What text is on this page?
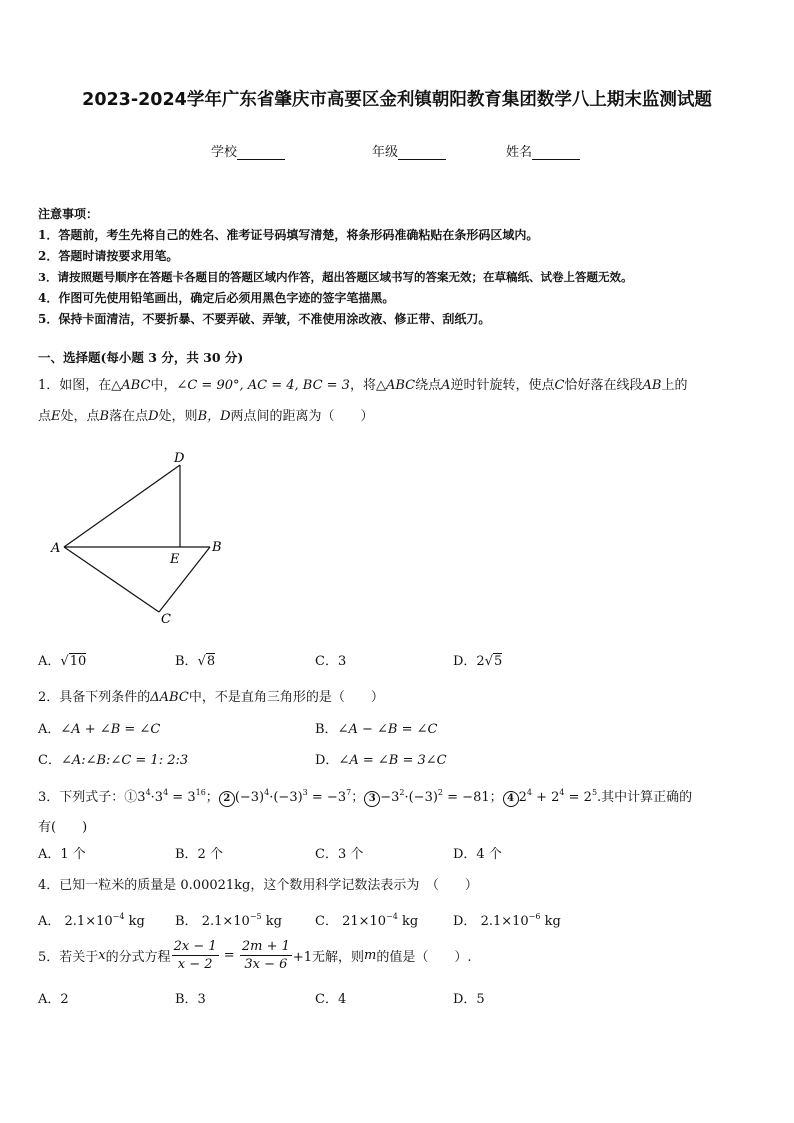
2023-2024学年广东省肇庆市高要区金利镇朝阳教育集团数学八上期末监测试题
学校	年级	姓名
注意事项：
1．答题前，考生先将自己的姓名、准考证号码填写清楚，将条形码准确粘贴在条形码区域内。
2．答题时请按要求用笔。
3．请按照题号顺序在答题卡各题目的答题区域内作答，超出答题区域书写的答案无效；在草稿纸、试卷上答题无效。
4．作图可先使用铅笔画出，确定后必须用黑色字迹的签字笔描黑。
5．保持卡面清洁，不要折暴、不要弄破、弄皱，不准使用涂改液、修正带、刮纸刀。
一、选择题(每小题 3 分，共 30 分)
1．如图，在△ABC中，∠C = 90°, AC = 4, BC = 3，将△ABC绕点A逆时针旋转，使点C恰好落在线段AB上的
点E处，点B落在点D处，则B，D两点间的距离为（　　）
D
A
E
B
C
A．√10	B．√8	C．3	D．2√5
2．具备下列条件的ΔABC中，不是直角三角形的是（　　）
A．∠A + ∠B = ∠C	B．∠A − ∠B = ∠C
C．∠A:∠B:∠C = 1: 2:3	D．∠A = ∠B = 3∠C
3．下列式子：$①3^4\cdot 3^4 = 3^{16}$； 2 $(-3)^4\cdot(-3)^3 = -3^7$； $3 -3^2\cdot(-3)^2 = -81$； 4 $2^4 + 2^4 = 2^5$.其中计算正确的
有(　　)
A．1 个	B．2 个	C．3 个	D．4 个
4．已知一粒米的质量是 0.00021kg，这个数用科学记数法表示为　（　　）
A． $2.1\times 10^{-4}$ kg B． $2.1\times 10^{-5}$ kg	C． $21\times 10^{-4}$ kg	D． $2.1\times 10^{-6}$ kg
5．若关于x的分式方程 $\frac{2x - 1}{x - 2} = \frac{2m + 1}{3x - 6} +1$无解，则m的值是（　　）.
A．2	B．3	C．4	D．5
